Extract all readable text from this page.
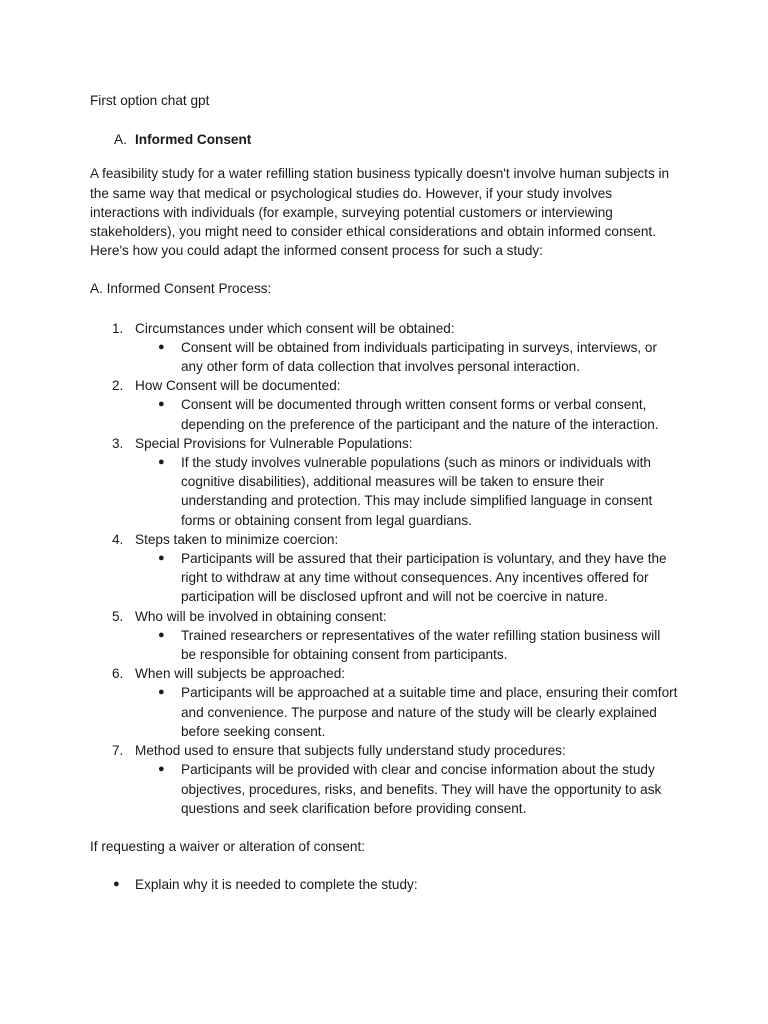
First option chat gpt

A. Informed Consent

A feasibility study for a water refilling station business typically doesn't involve human subjects in the same way that medical or psychological studies do. However, if your study involves interactions with individuals (for example, surveying potential customers or interviewing stakeholders), you might need to consider ethical considerations and obtain informed consent. Here's how you could adapt the informed consent process for such a study:

A. Informed Consent Process:

1. Circumstances under which consent will be obtained:
●	Consent will be obtained from individuals participating in surveys, interviews, or any other form of data collection that involves personal interaction.
2. How Consent will be documented:
●	Consent will be documented through written consent forms or verbal consent, depending on the preference of the participant and the nature of the interaction.
3. Special Provisions for Vulnerable Populations:
●	If the study involves vulnerable populations (such as minors or individuals with cognitive disabilities), additional measures will be taken to ensure their understanding and protection. This may include simplified language in consent forms or obtaining consent from legal guardians.
4. Steps taken to minimize coercion:
●	Participants will be assured that their participation is voluntary, and they have the right to withdraw at any time without consequences. Any incentives offered for participation will be disclosed upfront and will not be coercive in nature.
5. Who will be involved in obtaining consent:
●	Trained researchers or representatives of the water refilling station business will be responsible for obtaining consent from participants.
6. When will subjects be approached:
●	Participants will be approached at a suitable time and place, ensuring their comfort and convenience. The purpose and nature of the study will be clearly explained before seeking consent.
7. Method used to ensure that subjects fully understand study procedures:
●	Participants will be provided with clear and concise information about the study objectives, procedures, risks, and benefits. They will have the opportunity to ask questions and seek clarification before providing consent.

If requesting a waiver or alteration of consent:

●	Explain why it is needed to complete the study:
